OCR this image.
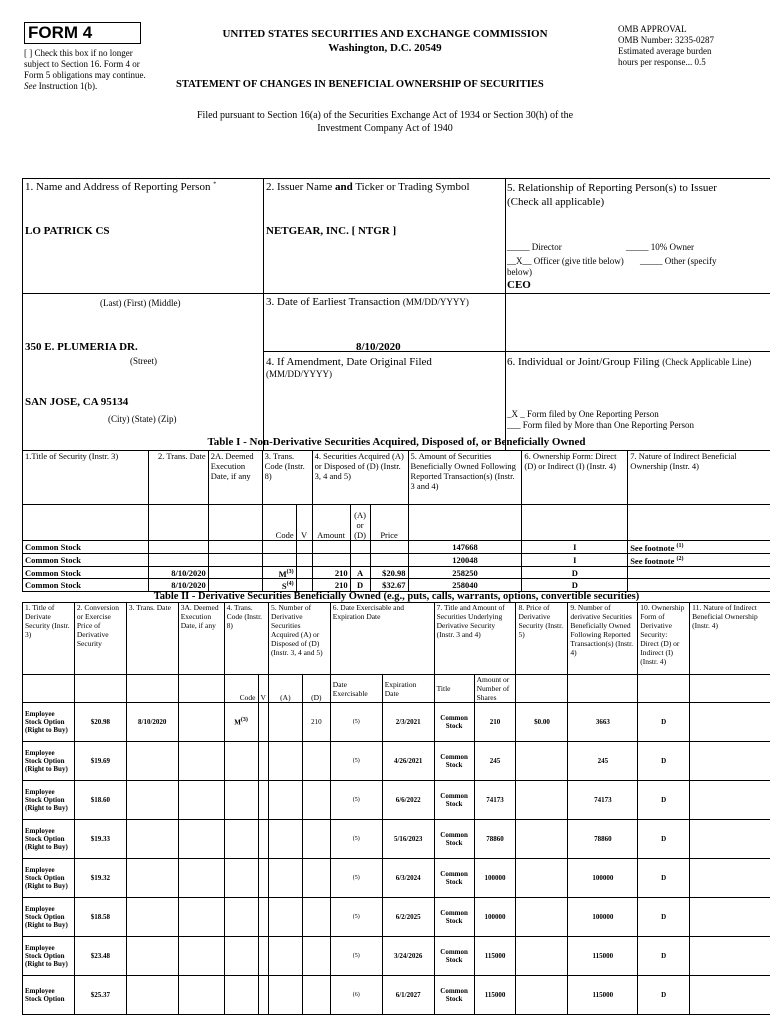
FORM 4
[ ] Check this box if no longer subject to Section 16. Form 4 or Form 5 obligations may continue. See Instruction 1(b).
UNITED STATES SECURITIES AND EXCHANGE COMMISSION
Washington, D.C. 20549
OMB APPROVAL
OMB Number: 3235-0287
Estimated average burden
hours per response... 0.5
STATEMENT OF CHANGES IN BENEFICIAL OWNERSHIP OF SECURITIES
Filed pursuant to Section 16(a) of the Securities Exchange Act of 1934 or Section 30(h) of the
Investment Company Act of 1940
1. Name and Address of Reporting Person *
LO PATRICK CS
(Last) (First) (Middle)
350 E. PLUMERIA DR.
(Street)
SAN JOSE, CA 95134
(City) (State) (Zip)
2. Issuer Name and Ticker or Trading Symbol
NETGEAR, INC. [ NTGR ]
3. Date of Earliest Transaction (MM/DD/YYYY)
8/10/2020
4. If Amendment, Date Original Filed
(MM/DD/YYYY)
5. Relationship of Reporting Person(s) to Issuer
(Check all applicable)
_____ Director	_____ 10% Owner
__X__ Officer (give title below) _____ Other (specify
below)
CEO
6. Individual or Joint/Group Filing (Check Applicable Line)
_X _ Form filed by One Reporting Person
___ Form filed by More than One Reporting Person
Table I - Non-Derivative Securities Acquired, Disposed of, or Beneficially Owned
1.Title of Security (Instr. 3)	2. Trans. Date	2A. Deemed Execution Date, if any	3. Trans. Code (Instr. 8)		4. Securities Acquired (A) or Disposed of (D) (Instr. 3, 4 and 5)			5. Amount of Securities Beneficially Owned Following Reported Transaction(s) (Instr. 3 and 4)	6. Ownership Form: Direct (D) or Indirect (I) (Instr. 4)	7. Nature of Indirect Beneficial Ownership (Instr. 4)
			Code	V	Amount	(A) or (D)	Price			
Common Stock								147668	I	See footnote $^{(1)}$
Common Stock								120048	I	See footnote $^{(2)}$
Common Stock	8/10/2020		$M^{(3)}$		210	A	$20.98	258250	D	
Common Stock	8/10/2020		$S^{(4)}$		210	D	$32.67	258040	D	
Table II - Derivative Securities Beneficially Owned (e.g., puts, calls, warrants, options, convertible securities)
1. Title of Derivate Security (Instr. 3)	2. Conversion or Exercise Price of Derivative Security	3. Trans. Date	3A. Deemed Execution Date, if any	4. Trans. Code (Instr. 8)		5. Number of Derivative Securities Acquired (A) or Disposed of (D) (Instr. 3, 4 and 5)		6. Date Exercisable and Expiration Date		7. Title and Amount of Securities Underlying Derivative Security (Instr. 3 and 4)		8. Price of Derivative Security (Instr. 5)	9. Number of derivative Securities Beneficially Owned Following Reported Transaction(s) (Instr. 4)	10. Ownership Form of Derivative Security: Direct (D) or Indirect (I) (Instr. 4)	11. Nature of Indirect Beneficial Ownership (Instr. 4)
				Code	V	(A)	(D)	Date Exercisable	Expiration Date	Title	Amount or Number of Shares				
Employee Stock Option (Right to Buy)	$20.98	8/10/2020		M(3)			210	(5)	2/3/2021	Common Stock	210	$0.00	3663	D	
Employee Stock Option (Right to Buy)	$19.69							(5)	4/26/2021	Common Stock	245		245	D	
Employee Stock Option (Right to Buy)	$18.60							(5)	6/6/2022	Common Stock	74173		74173	D	
Employee Stock Option (Right to Buy)	$19.33							(5)	5/16/2023	Common Stock	78860		78860	D	
Employee Stock Option (Right to Buy)	$19.32							(5)	6/3/2024	Common Stock	100000		100000	D	
Employee Stock Option (Right to Buy)	$18.58							(5)	6/2/2025	Common Stock	100000		100000	D	
Employee Stock Option (Right to Buy)	$23.48							(5)	3/24/2026	Common Stock	115000		115000	D	
Employee Stock Option	$25.37							(6)	6/1/2027	Common Stock	115000		115000	D	
